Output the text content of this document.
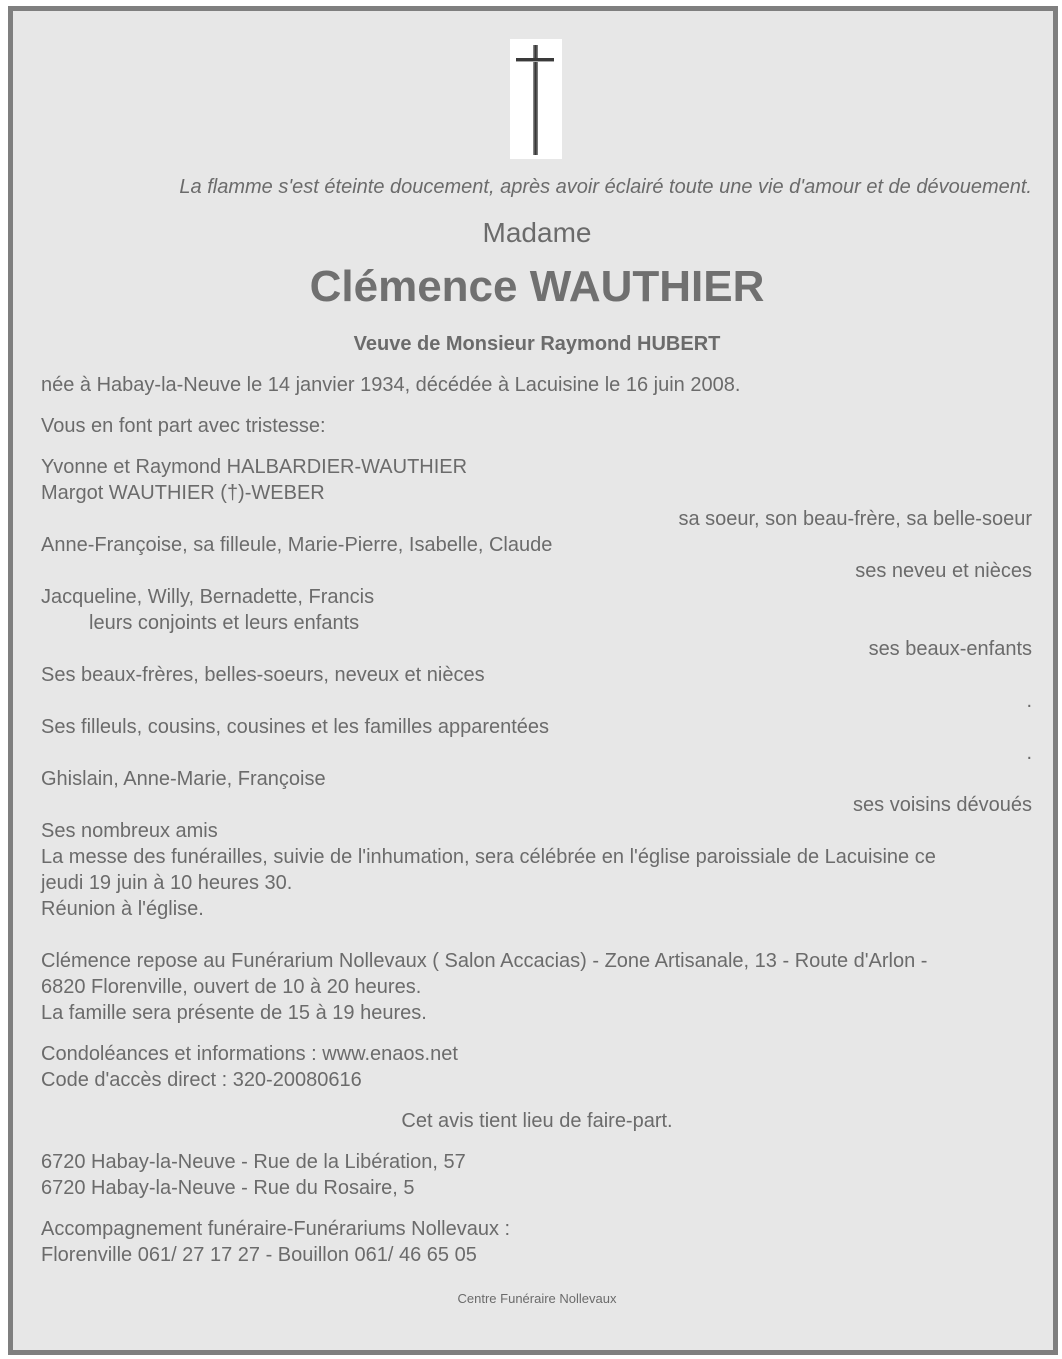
La flamme s'est éteinte doucement, après avoir éclairé toute une vie d'amour et de dévouement.
Madame
Clémence WAUTHIER
Veuve de Monsieur Raymond HUBERT
née à Habay-la-Neuve le 14 janvier 1934, décédée à Lacuisine le 16 juin 2008.
Vous en font part avec tristesse:
Yvonne et Raymond HALBARDIER-WAUTHIER
Margot WAUTHIER (†)-WEBER
sa soeur, son beau-frère, sa belle-soeur
Anne-Françoise, sa filleule, Marie-Pierre, Isabelle, Claude
ses neveu et nièces
Jacqueline, Willy, Bernadette, Francis
leurs conjoints et leurs enfants
ses beaux-enfants
Ses beaux-frères, belles-soeurs, neveux et nièces
.
Ses filleuls, cousins, cousines et les familles apparentées
.
Ghislain, Anne-Marie, Françoise
ses voisins dévoués
Ses nombreux amis
La messe des funérailles, suivie de l'inhumation, sera célébrée en l'église paroissiale de Lacuisine ce
jeudi 19 juin à 10 heures 30.
Réunion à l'église.
Clémence repose au Funérarium Nollevaux ( Salon Accacias) - Zone Artisanale, 13 - Route d'Arlon -
6820 Florenville, ouvert de 10 à 20 heures.
La famille sera présente de 15 à 19 heures.
Condoléances et informations : www.enaos.net
Code d'accès direct : 320-20080616
Cet avis tient lieu de faire-part.
6720 Habay-la-Neuve - Rue de la Libération, 57
6720 Habay-la-Neuve - Rue du Rosaire, 5
Accompagnement funéraire-Funérariums Nollevaux :
Florenville 061/ 27 17 27 - Bouillon 061/ 46 65 05
Centre Funéraire Nollevaux
